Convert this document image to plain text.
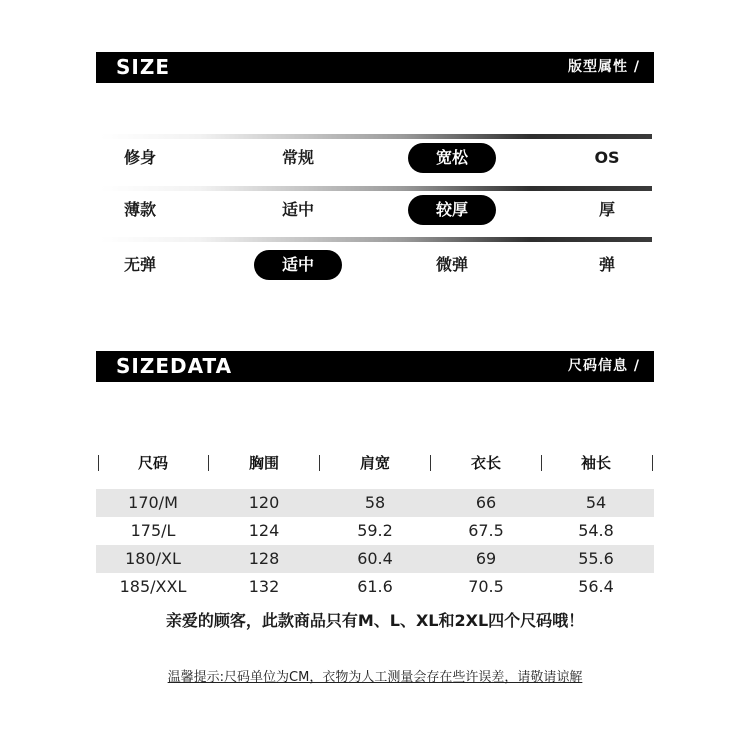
SIZE	版型属性 /
修身	常规	宽松	OS
薄款	适中	较厚	厚
无弹	适中	微弹	弹
SIZEDATA	尺码信息 /
尺码	胸围	肩宽	衣长	袖长
170/M	120	58	66	54
175/L	124	59.2	67.5	54.8
180/XL	128	60.4	69	55.6
185/XXL	132	61.6	70.5	56.4
亲爱的顾客，此款商品只有M、L、XL和2XL四个尺码哦！
温馨提示:尺码单位为CM，衣物为人工测量会存在些许误差，请敬请谅解
